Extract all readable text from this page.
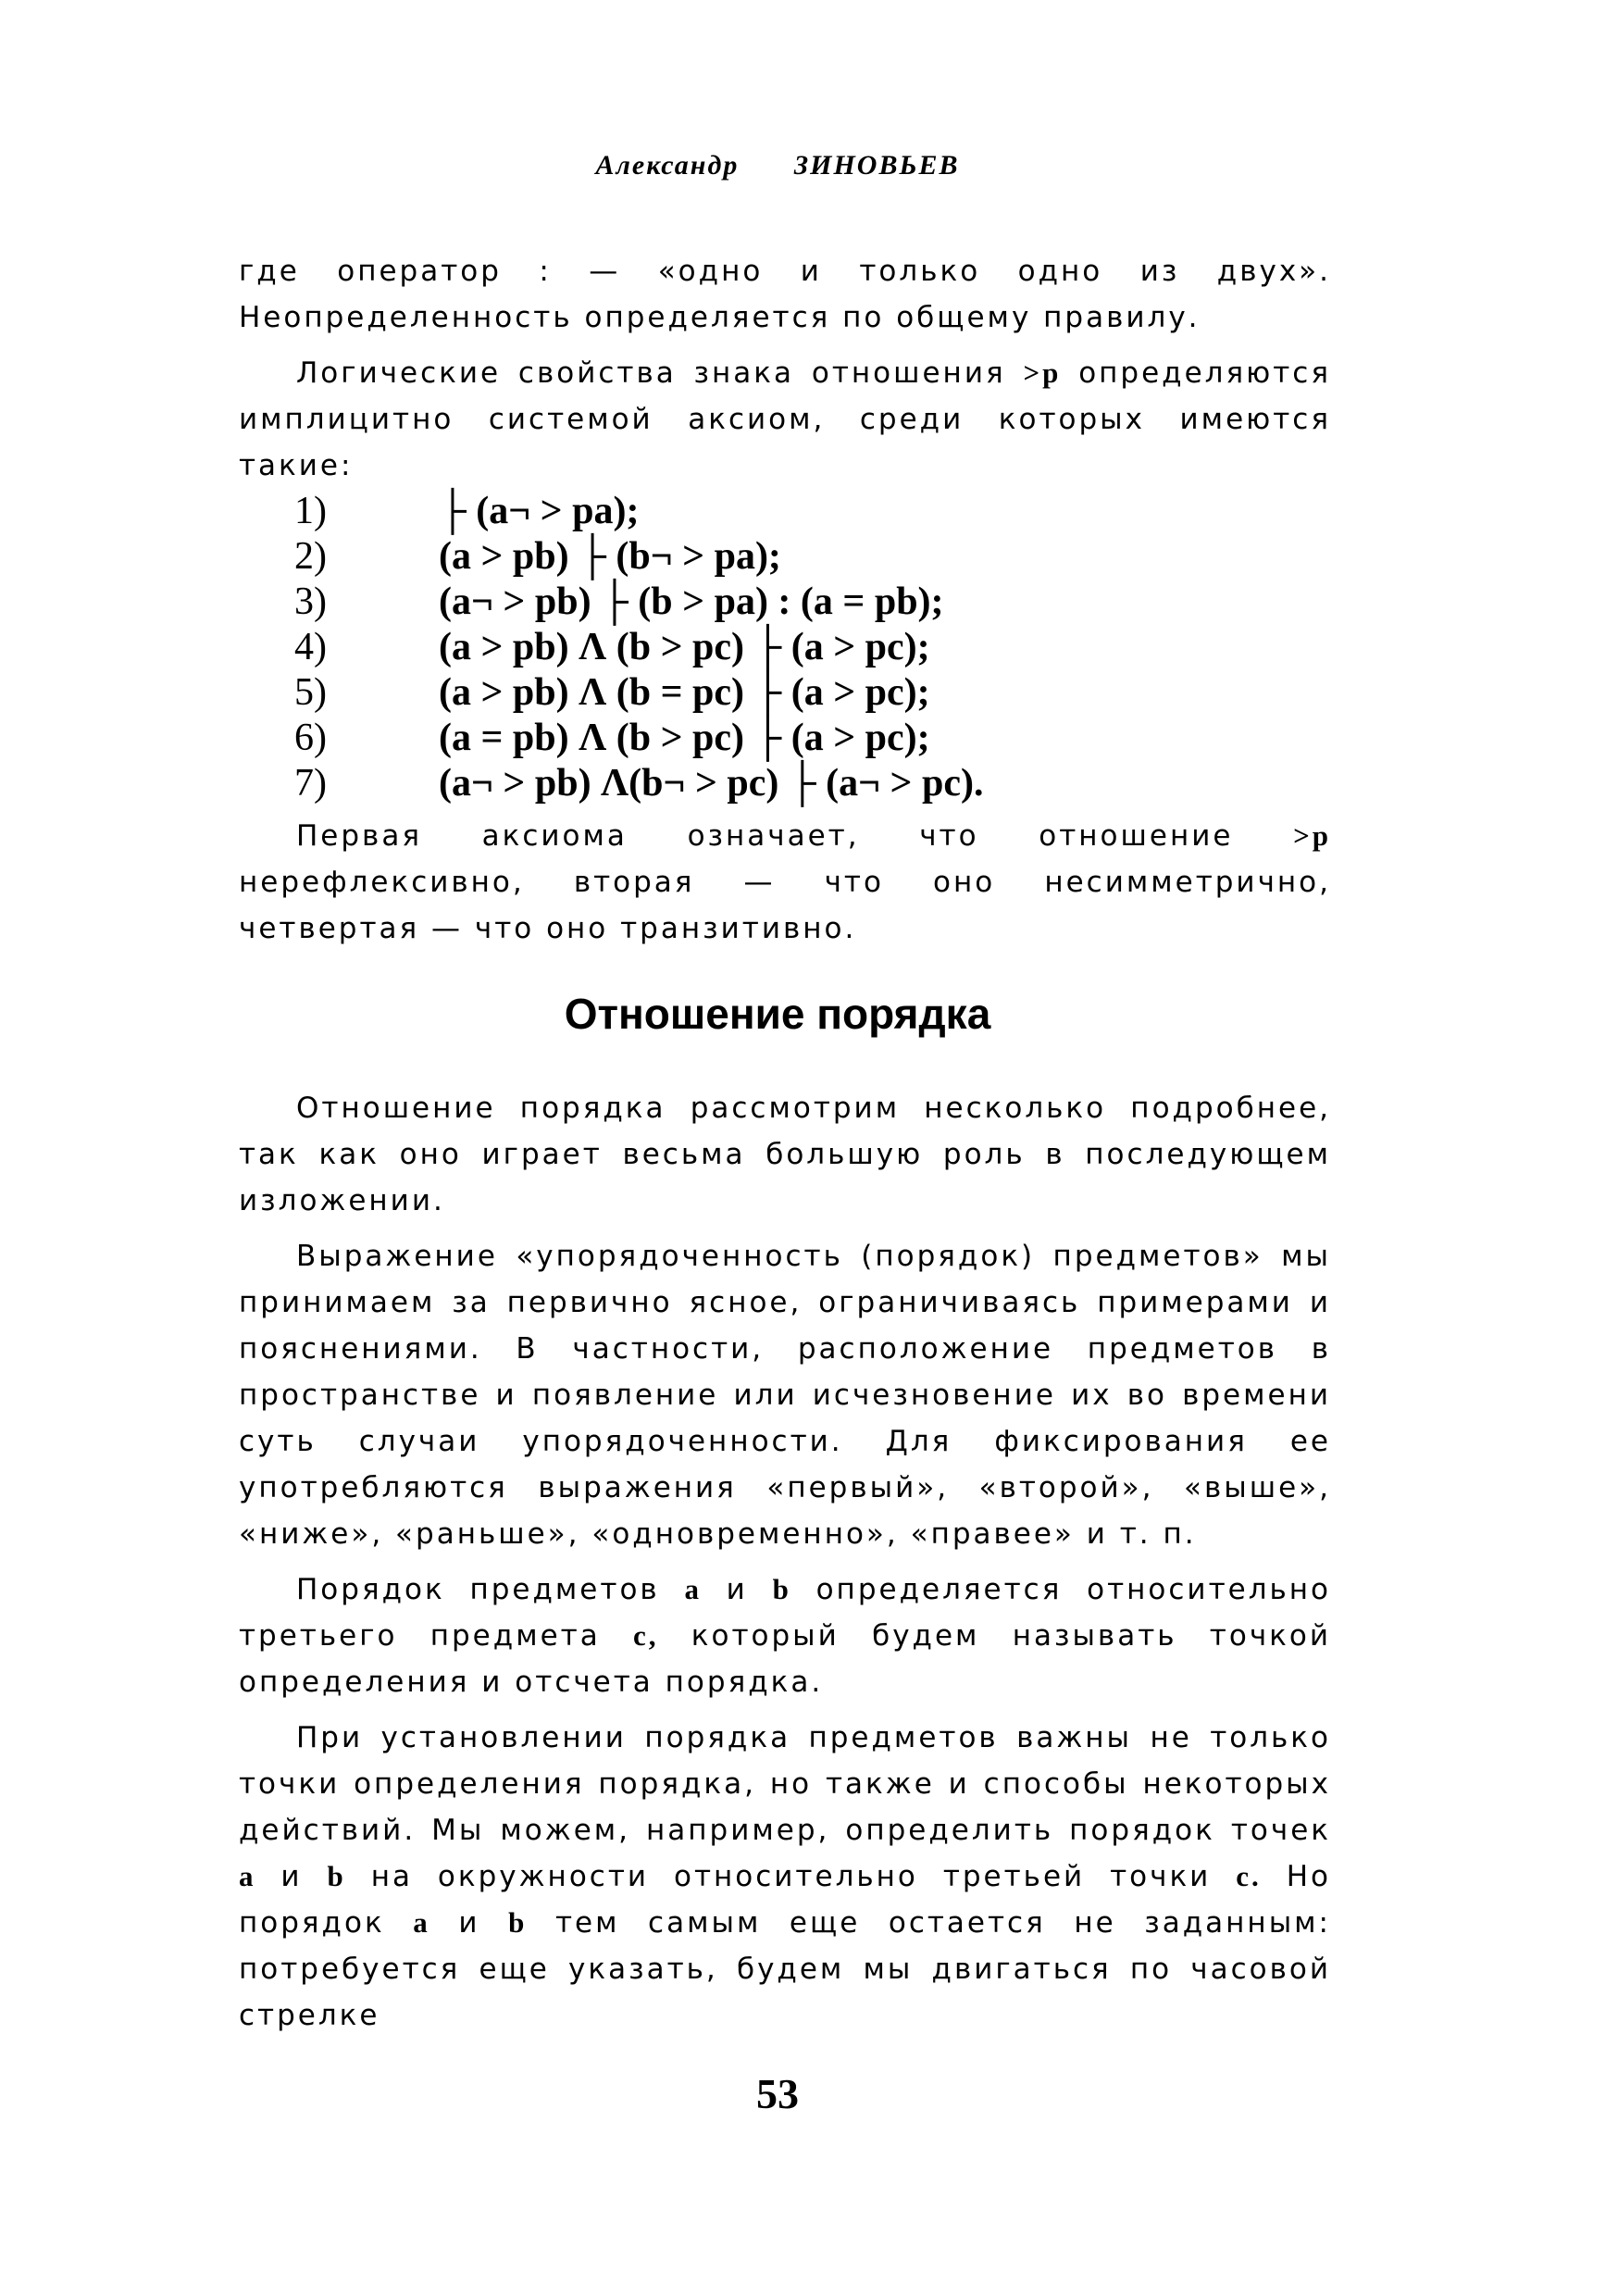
Александр ЗИНОВЬЕВ

где оператор : — «одно и только одно из двух». Неопределенность определяется по общему правилу.

Логические свойства знака отношения >p определяются имплицитно системой аксиом, среди которых имеются такие:

1)	├ (a¬ > pa);
2)	(a > pb) ├ (b¬ > pa);
3)	(a¬ > pb) ├ (b > pa) : (a = pb);
4)	(a > pb) Λ (b > pc) ├ (a > pc);
5)	(a > pb) Λ (b = pc) ├ (a > pc);
6)	(a = pb) Λ (b > pc) ├ (a > pc);
7)	(a¬ > pb) Λ(b¬ > pc) ├ (a¬ > pc).

Первая аксиома означает, что отношение >p нерефлексивно, вторая — что оно несимметрично, четвертая — что оно транзитивно.

Отношение порядка

Отношение порядка рассмотрим несколько подробнее, так как оно играет весьма большую роль в последующем изложении.

Выражение «упорядоченность (порядок) предметов» мы принимаем за первично ясное, ограничиваясь примерами и пояснениями. В частности, расположение предметов в пространстве и появление или исчезновение их во времени суть случаи упорядоченности. Для фиксирования ее употребляются выражения «первый», «второй», «выше», «ниже», «раньше», «одновременно», «правее» и т. п.

Порядок предметов a и b определяется относительно третьего предмета c, который будем называть точкой определения и отсчета порядка.

При установлении порядка предметов важны не только точки определения порядка, но также и способы некоторых действий. Мы можем, например, определить порядок точек a и b на окружности относительно третьей точки c. Но порядок a и b тем самым еще остается не заданным: потребуется еще указать, будем мы двигаться по часовой стрелке

53
